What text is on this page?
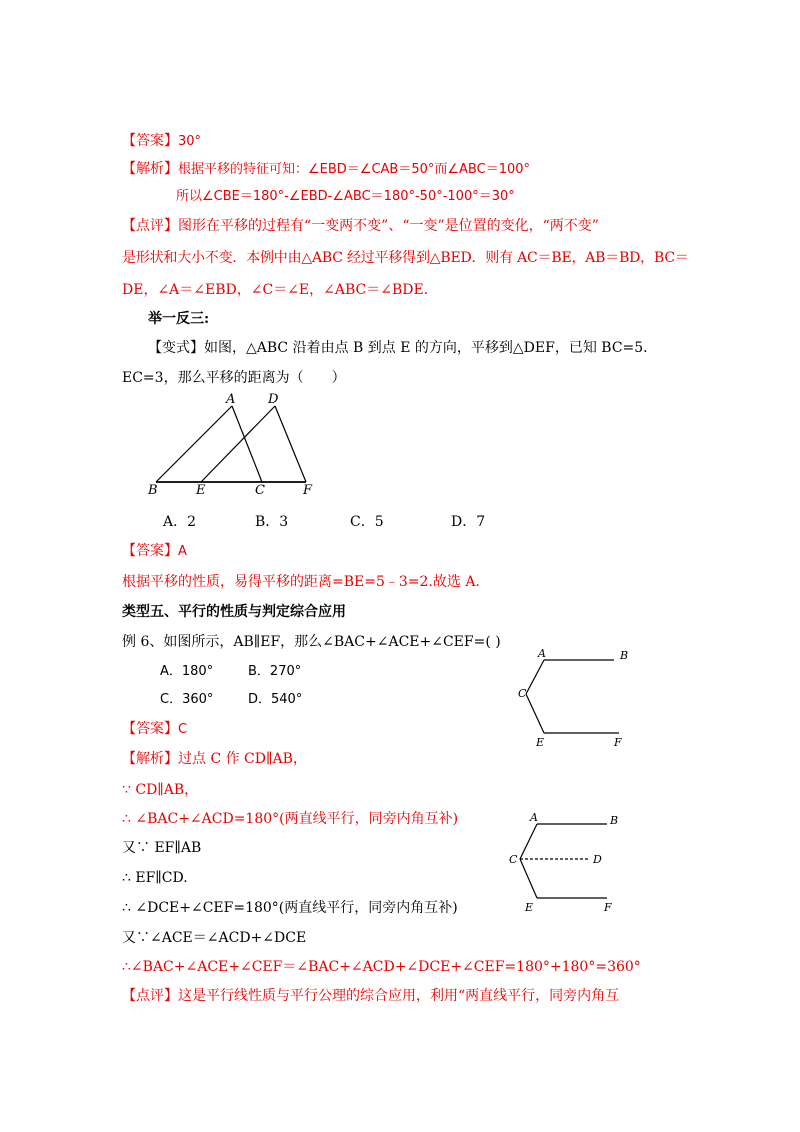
【答案】30°
【解析】根据平移的特征可知：∠EBD＝∠CAB＝50°而∠ABC＝100°
所以∠CBE＝180°-∠EBD-∠ABC＝180°-50°-100°＝30°
【点评】图形在平移的过程有“一变两不变”、“一变”是位置的变化，“两不变”
是形状和大小不变．本例中由△ABC 经过平移得到△BED．则有 AC＝BE，AB＝BD，BC＝
DE，∠A＝∠EBD，∠C＝∠E，∠ABC＝∠BDE.
举一反三:
【变式】如图，△ABC 沿着由点 B 到点 E 的方向，平移到△DEF，已知 BC=5．
EC=3，那么平移的距离为（　　）
A	D
B	E	C	F
A．2	B．3	C．5	D．7
【答案】A
根据平移的性质，易得平移的距离=BE=5﹣3=2.故选 A.
类型五、平行的性质与判定综合应用
例 6、如图所示，AB∥EF，那么∠BAC+∠ACE+∠CEF=( )
A．180°	B．270°
C．360°	D．540°
A	B
C
E	F
【答案】C
【解析】过点 C 作 CD∥AB，
∵ CD∥AB，
∴ ∠BAC+∠ACD=180°(两直线平行，同旁内角互补)
又∵ EF∥AB
∴ EF∥CD.
∴ ∠DCE+∠CEF=180°(两直线平行，同旁内角互补)
又∵∠ACE＝∠ACD+∠DCE
∴∠BAC+∠ACE+∠CEF＝∠BAC+∠ACD+∠DCE+∠CEF=180°+180°=360°
A	B
C	D
E	F
【点评】这是平行线性质与平行公理的综合应用，利用“两直线平行，同旁内角互
